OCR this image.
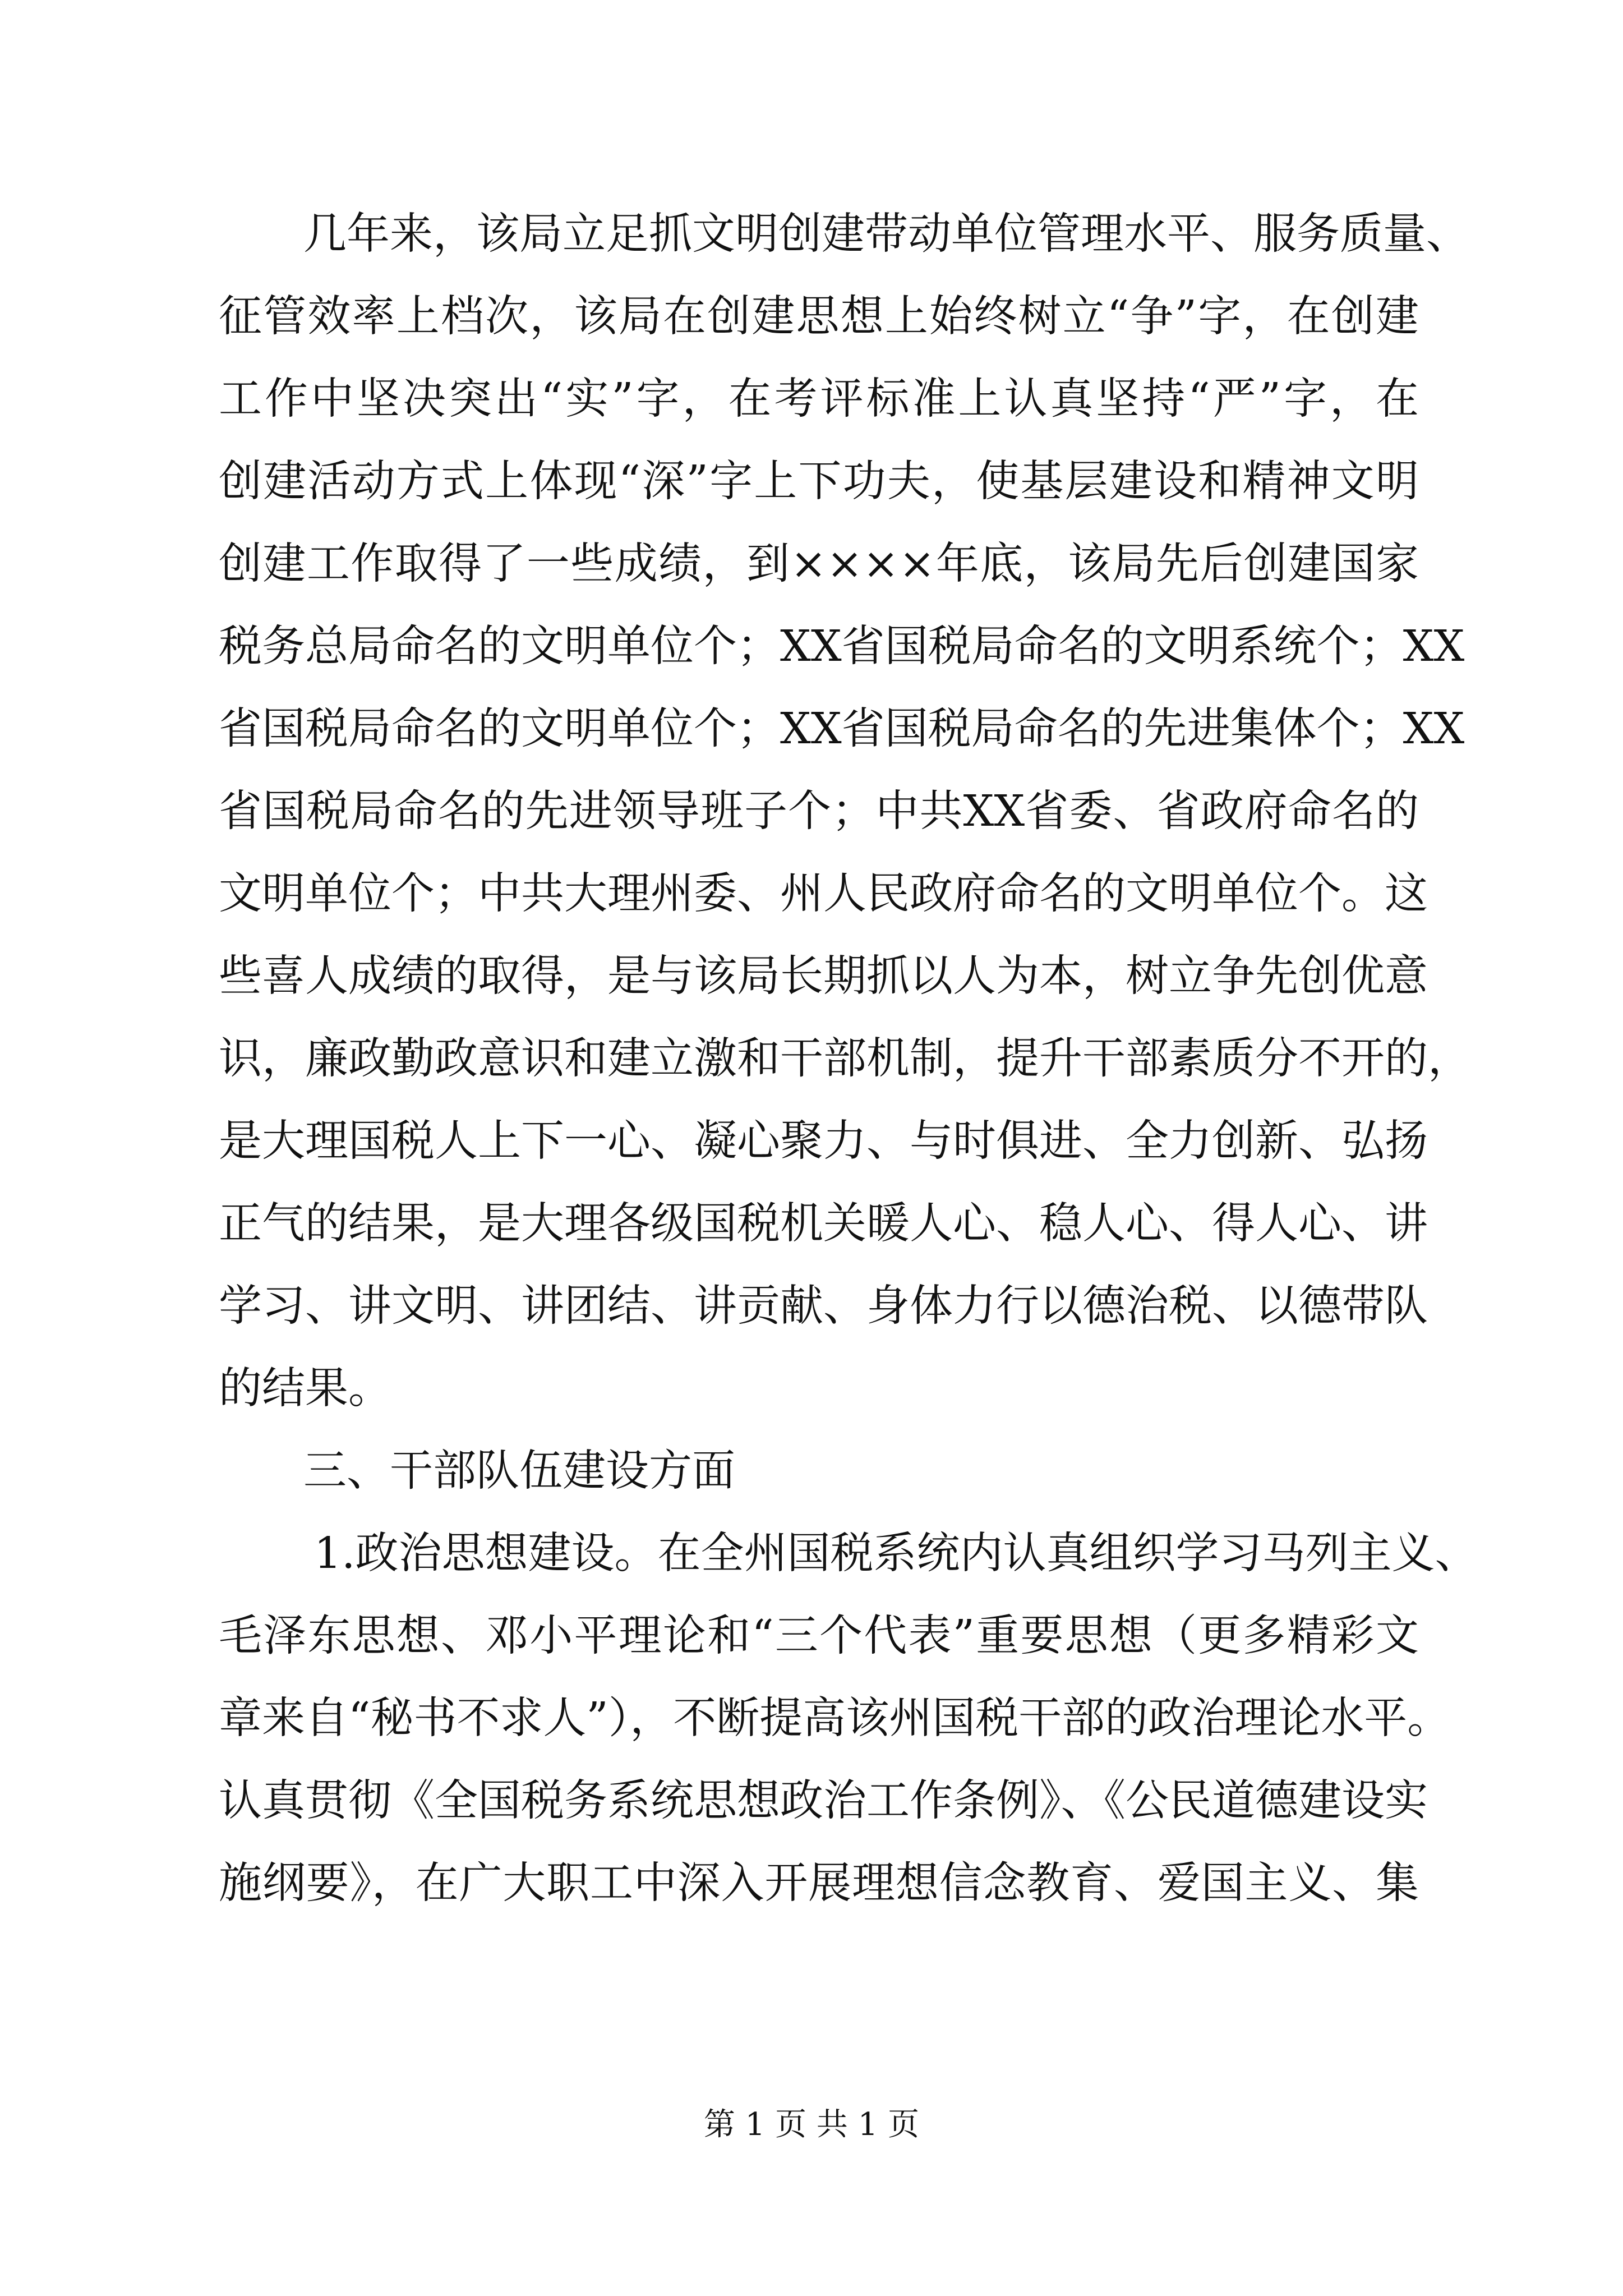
几年来，该局立足抓文明创建带动单位管理水平、服务质量、
征管效率上档次，该局在创建思想上始终树立“争”字，在创建
工作中坚决突出“实”字，在考评标准上认真坚持“严”字，在
创建活动方式上体现“深”字上下功夫，使基层建设和精神文明
创建工作取得了一些成绩，到××××年底，该局先后创建国家
税务总局命名的文明单位个；XX省国税局命名的文明系统个；XX
省国税局命名的文明单位个；XX省国税局命名的先进集体个；XX
省国税局命名的先进领导班子个；中共XX省委、省政府命名的
文明单位个；中共大理州委、州人民政府命名的文明单位个。这
些喜人成绩的取得，是与该局长期抓以人为本，树立争先创优意
识，廉政勤政意识和建立激和干部机制，提升干部素质分不开的，
是大理国税人上下一心、凝心聚力、与时俱进、全力创新、弘扬
正气的结果，是大理各级国税机关暖人心、稳人心、得人心、讲
学习、讲文明、讲团结、讲贡献、身体力行以德治税、以德带队
的结果。
三、干部队伍建设方面
1.政治思想建设。在全州国税系统内认真组织学习马列主义、
毛泽东思想、邓小平理论和“三个代表”重要思想（更多精彩文
章来自“秘书不求人”），不断提高该州国税干部的政治理论水平。
认真贯彻《全国税务系统思想政治工作条例》、《公民道德建设实
施纲要》，在广大职工中深入开展理想信念教育、爱国主义、集
第 1 页 共 1 页
